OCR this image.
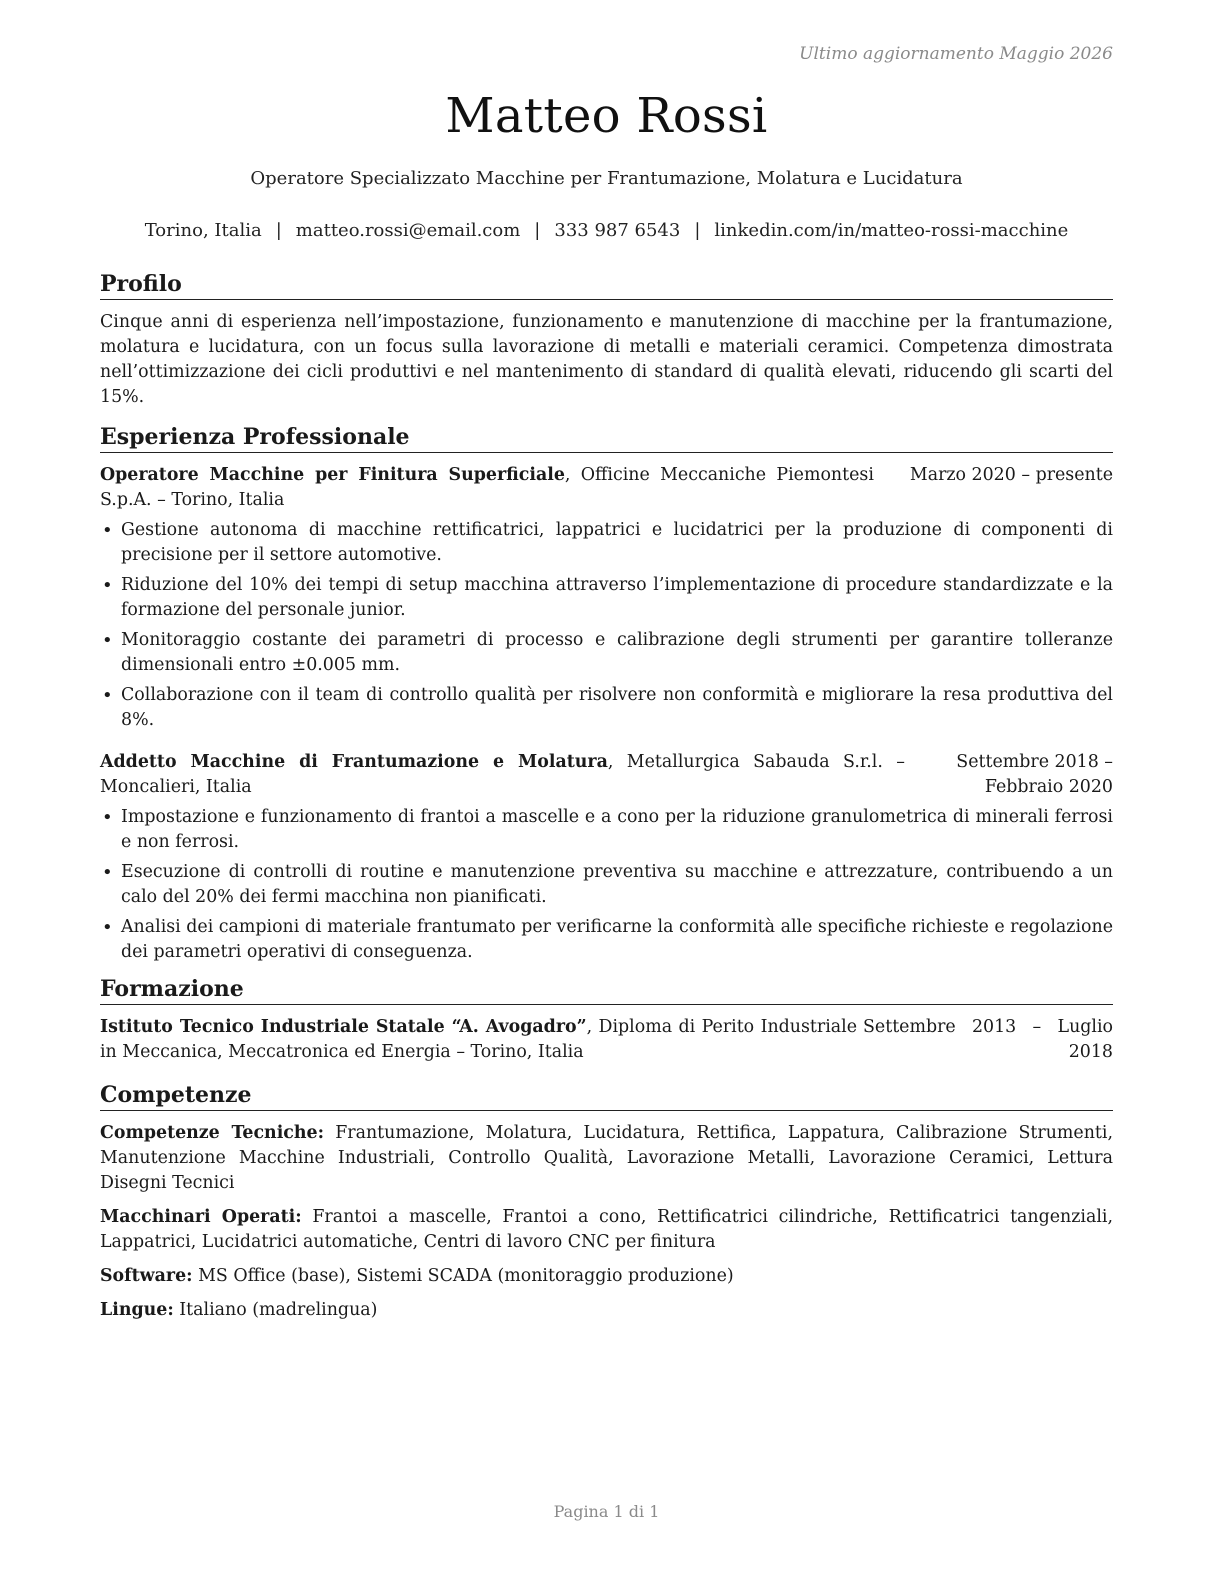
Ultimo aggiornamento Maggio 2026
Matteo Rossi
Operatore Specializzato Macchine per Frantumazione, Molatura e Lucidatura
Torino, Italia | matteo.rossi@email.com | 333 987 6543 | linkedin.com/in/matteo-rossi-macchine
Profilo

Cinque anni di esperienza nell’impostazione, funzionamento e manutenzione di macchine per la frantumazione, molatura e lucidatura, con un focus sulla lavorazione di metalli e materiali ceramici. Competenza dimostrata nell’ottimizzazione dei cicli produttivi e nel mantenimento di standard di qualità elevati, riducendo gli scarti del 15%.

Esperienza Professionale
Operatore Macchine per Finitura Superficiale, Officine Meccaniche Piemontesi S.p.A. – Torino, Italia
Marzo 2020 – presente
• Gestione autonoma di macchine rettificatrici, lappatrici e lucidatrici per la produzione di componenti di precisione per il settore automotive.
• Riduzione del 10% dei tempi di setup macchina attraverso l’implementazione di procedure standardizzate e la formazione del personale junior.
• Monitoraggio costante dei parametri di processo e calibrazione degli strumenti per garantire tolleranze dimensionali entro ±0.005 mm.
• Collaborazione con il team di controllo qualità per risolvere non conformità e migliorare la resa produttiva del 8%.
Addetto Macchine di Frantumazione e Molatura, Metallurgica Sabauda S.r.l. – Moncalieri, Italia
Settembre 2018 – Febbraio 2020
• Impostazione e funzionamento di frantoi a mascelle e a cono per la riduzione granulometrica di minerali ferrosi e non ferrosi.
• Esecuzione di controlli di routine e manutenzione preventiva su macchine e attrezzature, contribuendo a un calo del 20% dei fermi macchina non pianificati.
• Analisi dei campioni di materiale frantumato per verificarne la conformità alle specifiche richieste e regolazione dei parametri operativi di conseguenza.
Formazione
Istituto Tecnico Industriale Statale “A. Avogadro”, Diploma di Perito Industriale in Meccanica, Meccatronica ed Energia – Torino, Italia
Settembre 2013 – Luglio 2018
Competenze

Competenze Tecniche: Frantumazione, Molatura, Lucidatura, Rettifica, Lappatura, Calibrazione Strumenti, Manutenzione Macchine Industriali, Controllo Qualità, Lavorazione Metalli, Lavorazione Ceramici, Lettura Disegni Tecnici

Macchinari Operati: Frantoi a mascelle, Frantoi a cono, Rettificatrici cilindriche, Rettificatrici tangenziali, Lappatrici, Lucidatrici automatiche, Centri di lavoro CNC per finitura

Software: MS Office (base), Sistemi SCADA (monitoraggio produzione)

Lingue: Italiano (madrelingua)

Pagina 1 di 1
